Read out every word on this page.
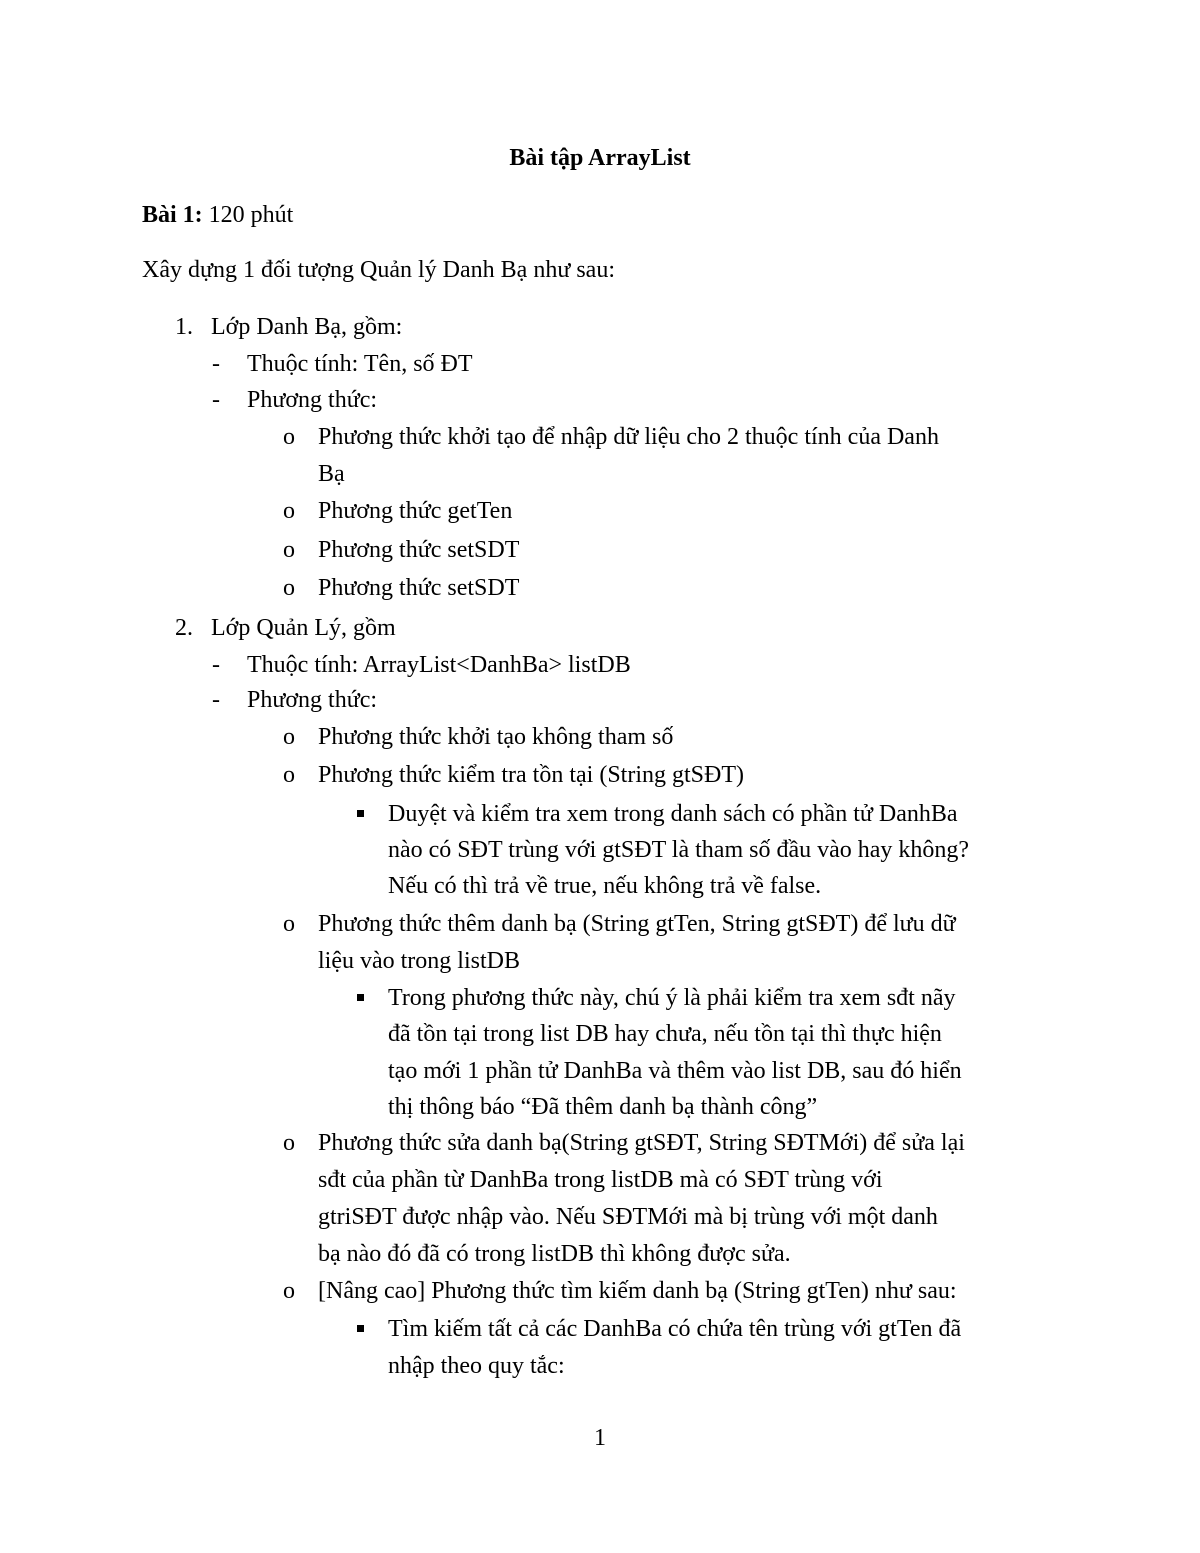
Bài tập ArrayList
Bài 1: 120 phút
Xây dựng 1 đối tượng Quản lý Danh Bạ như sau:
1. Lớp Danh Bạ, gồm:
- Thuộc tính: Tên, số ĐT
- Phương thức:
o Phương thức khởi tạo để nhập dữ liệu cho 2 thuộc tính của Danh
Bạ
o Phương thức getTen
o Phương thức setSDT
o Phương thức setSDT
2. Lớp Quản Lý, gồm
- Thuộc tính: ArrayList<DanhBa> listDB
- Phương thức:
o Phương thức khởi tạo không tham số
o Phương thức kiểm tra tồn tại (String gtSĐT)
Duyệt và kiểm tra xem trong danh sách có phần tử DanhBa
nào có SĐT trùng với gtSĐT là tham số đầu vào hay không?
Nếu có thì trả về true, nếu không trả về false.
o Phương thức thêm danh bạ (String gtTen, String gtSĐT) để lưu dữ
liệu vào trong listDB
Trong phương thức này, chú ý là phải kiểm tra xem sđt nãy
đã tồn tại trong list DB hay chưa, nếu tồn tại thì thực hiện
tạo mới 1 phần tử DanhBa và thêm vào list DB, sau đó hiển
thị thông báo “Đã thêm danh bạ thành công”
o Phương thức sửa danh bạ(String gtSĐT, String SĐTMới) để sửa lại
sđt của phần từ DanhBa trong listDB mà có SĐT trùng với
gtriSĐT được nhập vào. Nếu SĐTMới mà bị trùng với một danh
bạ nào đó đã có trong listDB thì không được sửa.
o [Nâng cao] Phương thức tìm kiếm danh bạ (String gtTen) như sau:
Tìm kiếm tất cả các DanhBa có chứa tên trùng với gtTen đã
nhập theo quy tắc:
1
